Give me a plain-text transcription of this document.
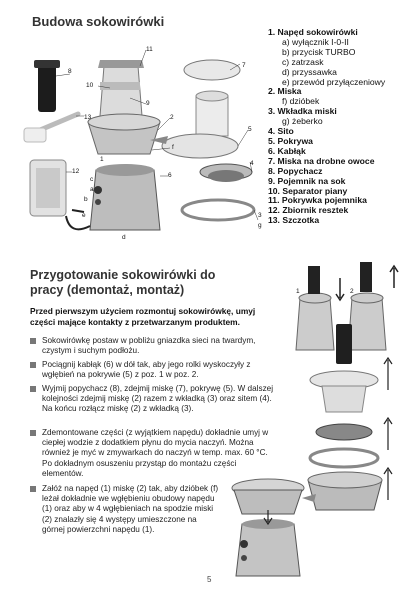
Budowa sokowirówki
1. Napęd sokowirówki
a) wyłącznik I-0-II
b) przycisk TURBO
c) zatrzask
d) przyssawka
e) przewód przyłączeniowy
2. Miska
f) dzióbek
3. Wkładka miski
g) żeberko
4. Sito
5. Pokrywa
6. Kabłąk
7. Miska na drobne owoce
8. Popychacz
9. Pojemnik na sok
10. Separator piany
11. Pokrywka pojemnika
12. Zbiornik resztek
13. Szczotka
8
13
12
11
10
9
2
f
6
1
c
a
b
e
d
7
5
4
3
g
Przygotowanie sokowirówki do pracy (demontaż, montaż)
Przed pierwszym użyciem rozmontuj sokowirówkę, umyj części mające kontakty z przetwarzanym produktem.
Sokowirówkę postaw w pobliżu gniazdka sieci na twardym, czystym i suchym podłożu.
Pociągnij kabłąk (6) w dół tak, aby jego rolki wyskoczyły z wgłębień na pokrywie (5) z poz. 1 w poz. 2.
Wyjmij popychacz (8), zdejmij miskę (7), pokrywę (5). W dalszej kolejności zdejmij miskę (2) razem z wkładką (3) oraz sitem (4). Na końcu rozłącz miskę (2) z wkładką (3).
Zdemontowane części (z wyjątkiem napędu) dokładnie umyj w ciepłej wodzie z dodatkiem płynu do mycia naczyń. Można również je myć w zmywarkach do naczyń w temp. max. 60 °C. Po dokładnym osuszeniu przystąp do montażu części elementów.
Załóż na napęd (1) miskę (2) tak, aby dzióbek (f) leżał dokładnie we wgłębieniu obudowy napędu (1) oraz aby w 4 wgłębieniach na spodzie miski (2) znalazły się 4 występy umieszczone na górnej powierzchni napędu (1).
1	2
5
